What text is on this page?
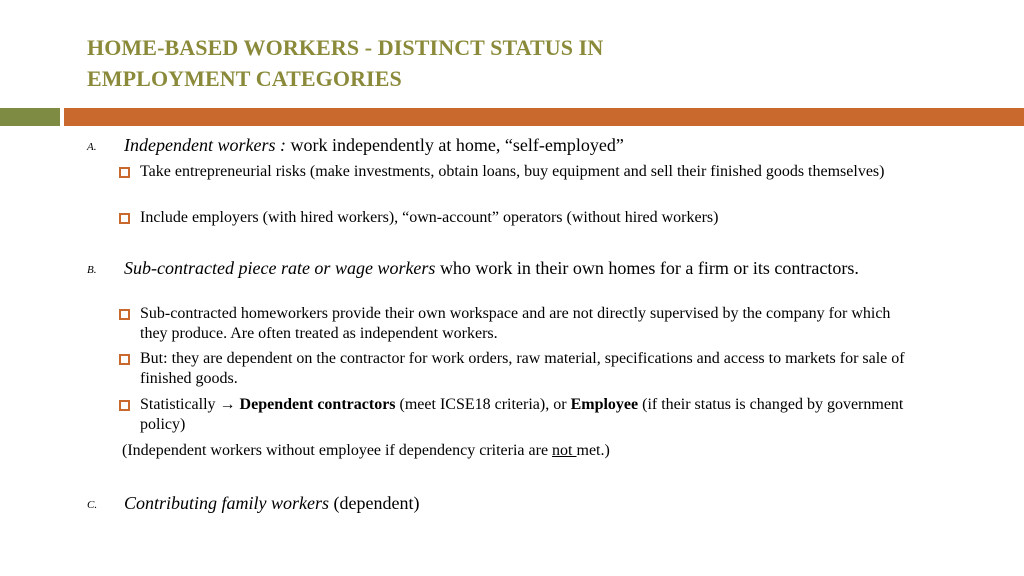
HOME-BASED WORKERS - DISTINCT STATUS IN
EMPLOYMENT CATEGORIES
A. Independent workers : work independently at home, “self-employed”
Take entrepreneurial risks (make investments, obtain loans, buy equipment and sell their finished goods themselves)
Include employers (with hired workers), “own-account” operators (without hired workers)
B. Sub-contracted piece rate or wage workers who work in their own homes for a firm or its contractors.
Sub-contracted homeworkers provide their own workspace and are not directly supervised by the company for which they produce. Are often treated as independent workers.
But: they are dependent on the contractor for work orders, raw material, specifications and access to markets for sale of finished goods.
Statistically → Dependent contractors (meet ICSE18 criteria), or Employee (if their status is changed by government policy)
(Independent workers without employee if dependency criteria are not met.)
C. Contributing family workers (dependent)
